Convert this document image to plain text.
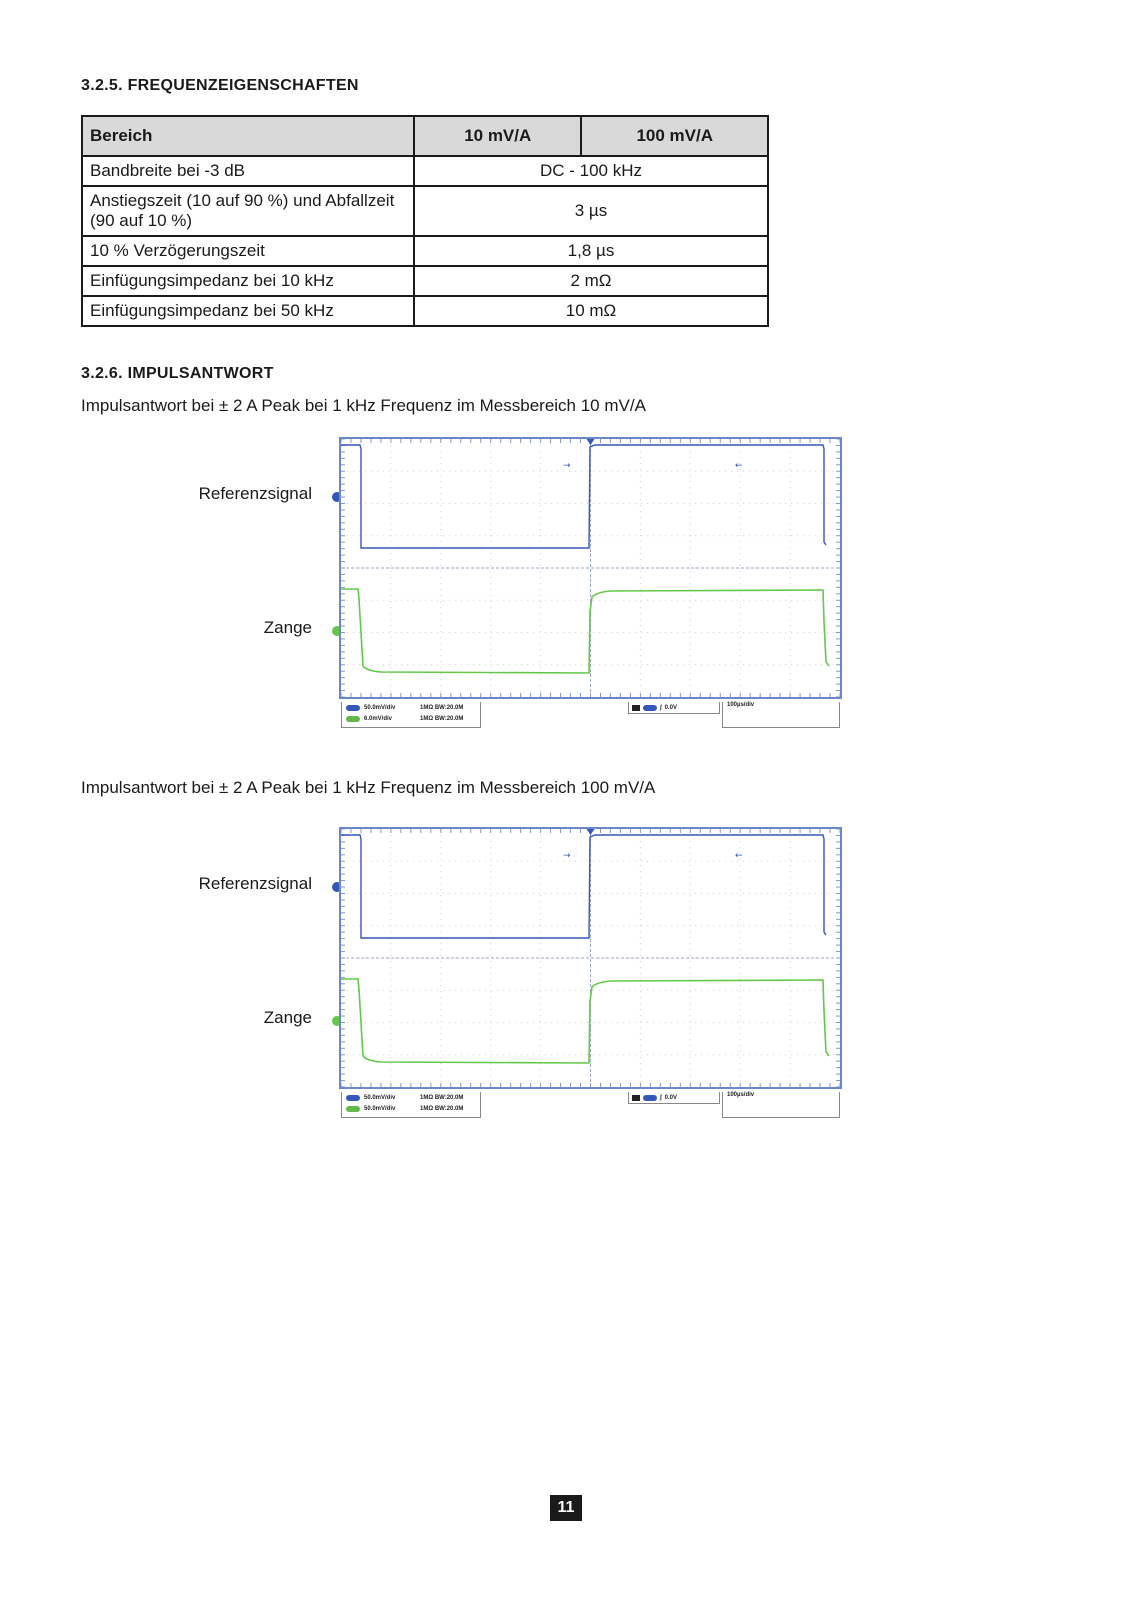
3.2.5. FREQUENZEIGENSCHAFTEN
Bereich	10 mV/A	100 mV/A
Bandbreite bei -3 dB	DC - 100 kHz	
Anstiegszeit (10 auf 90 %) und Abfallzeit (90 auf 10 %)	3 µs	
10 % Verzögerungszeit	1,8 µs	
Einfügungsimpedanz bei 10 kHz	2 mΩ	
Einfügungsimpedanz bei 50 kHz	10 mΩ	
3.2.6. IMPULSANTWORT

Impulsantwort bei ± 2 A Peak bei 1 kHz Frequenz im Messbereich 10 mV/A

Referenzsignal
Zange
→	←
50.0mV/div	1MΩ BW:20.0M
6.0mV/div	1MΩ BW:20.0M
∫ 0.0V	100µs/div

Impulsantwort bei ± 2 A Peak bei 1 kHz Frequenz im Messbereich 100 mV/A

Referenzsignal
Zange
→	←
50.0mV/div	1MΩ BW:20.0M
50.0mV/div	1MΩ BW:20.0M
∫ 0.0V	100µs/div
11
